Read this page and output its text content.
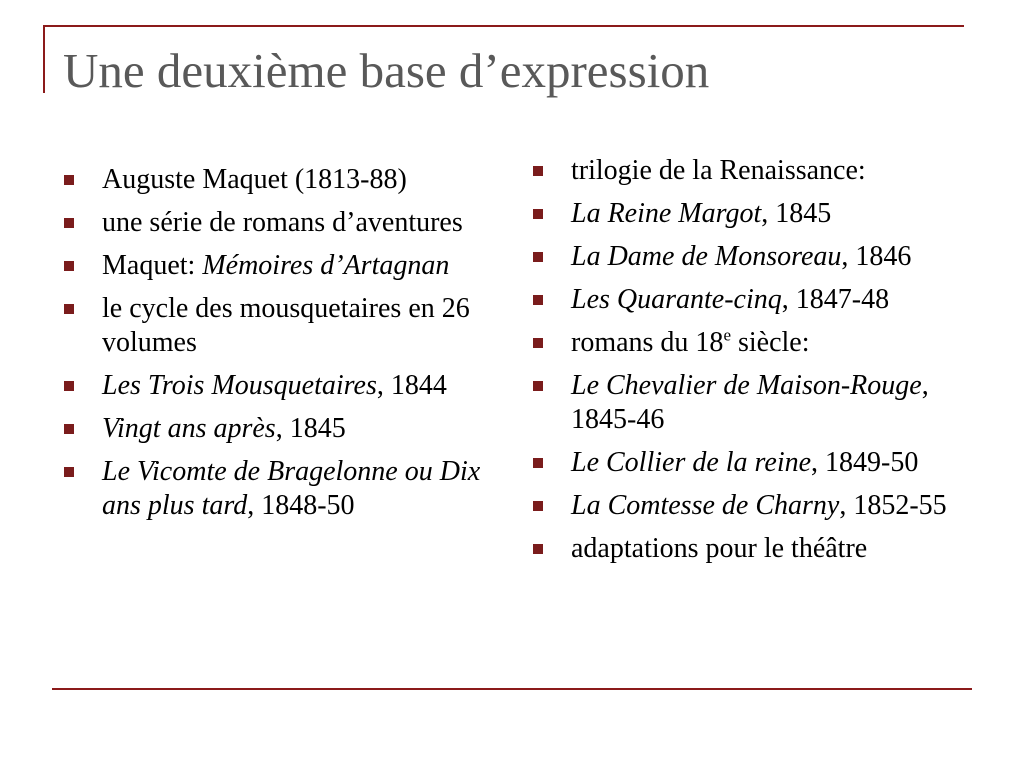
Une deuxième base d’expression
Auguste Maquet (1813-88)
une série de romans d’aventures
Maquet: Mémoires d’Artagnan
le cycle des mousquetaires en 26 volumes
Les Trois Mousquetaires, 1844
Vingt ans après, 1845
Le Vicomte de Bragelonne ou Dix ans plus tard, 1848-50
trilogie de la Renaissance:
La Reine Margot, 1845
La Dame de Monsoreau, 1846
Les Quarante-cinq, 1847-48
romans du 18e siècle:
Le Chevalier de Maison-Rouge, 1845-46
Le Collier de la reine, 1849-50
La Comtesse de Charny, 1852-55
adaptations pour le théâtre
